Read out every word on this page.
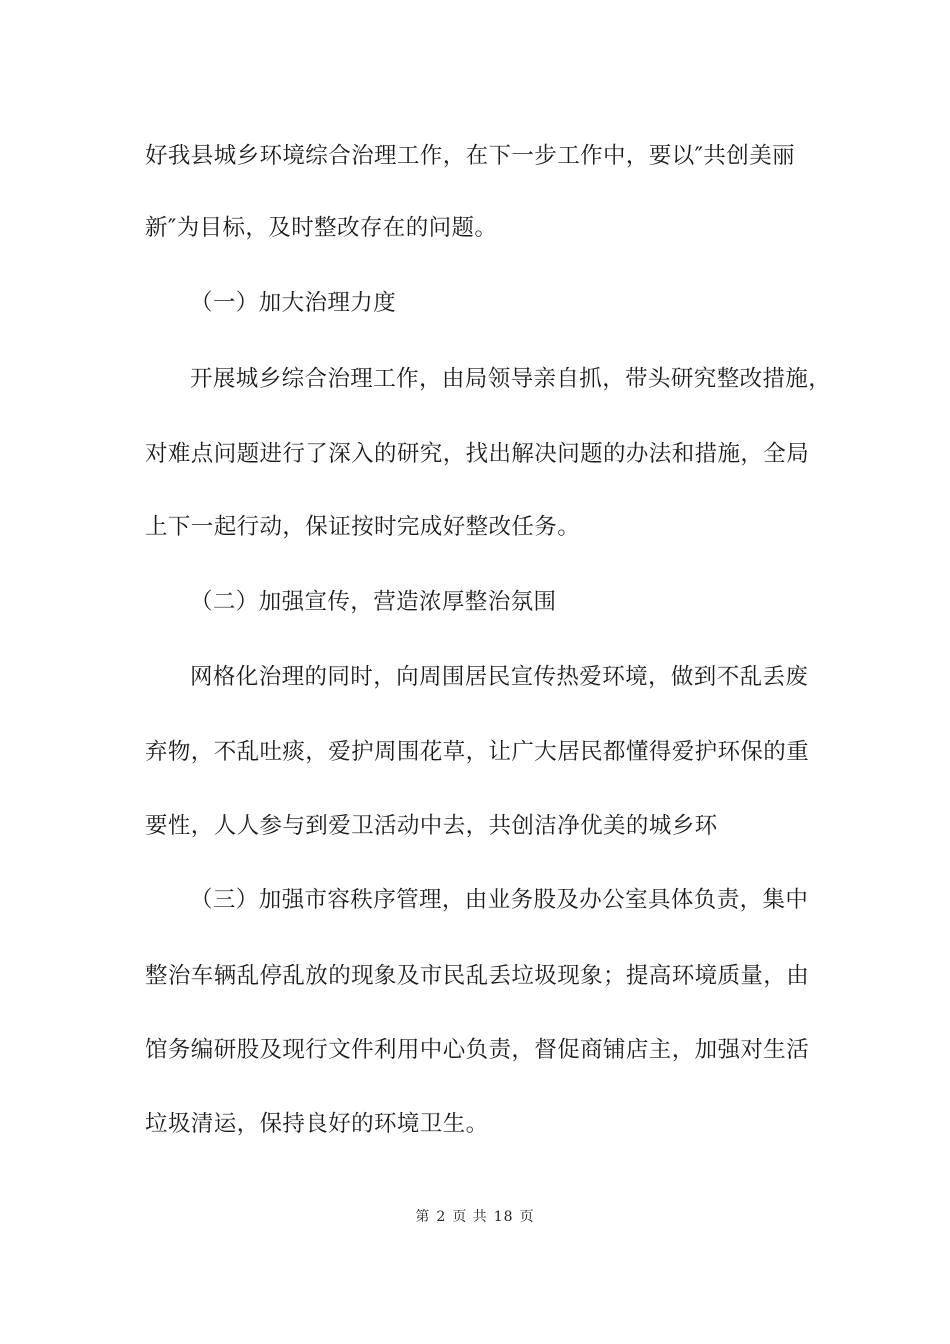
好我县城乡环境综合治理工作，在下一步工作中，要以″共创美丽
新″为目标，及时整改存在的问题。
（一）加大治理力度
开展城乡综合治理工作，由局领导亲自抓，带头研究整改措施，
对难点问题进行了深入的研究，找出解决问题的办法和措施，全局
上下一起行动，保证按时完成好整改任务。
（二）加强宣传，营造浓厚整治氛围
网格化治理的同时，向周围居民宣传热爱环境，做到不乱丢废
弃物，不乱吐痰，爱护周围花草，让广大居民都懂得爱护环保的重
要性，人人参与到爱卫活动中去，共创洁净优美的城乡环
（三）加强市容秩序管理，由业务股及办公室具体负责，集中
整治车辆乱停乱放的现象及市民乱丢垃圾现象；提高环境质量，由
馆务编研股及现行文件利用中心负责，督促商铺店主，加强对生活
垃圾清运，保持良好的环境卫生。
第 2 页 共 18 页
